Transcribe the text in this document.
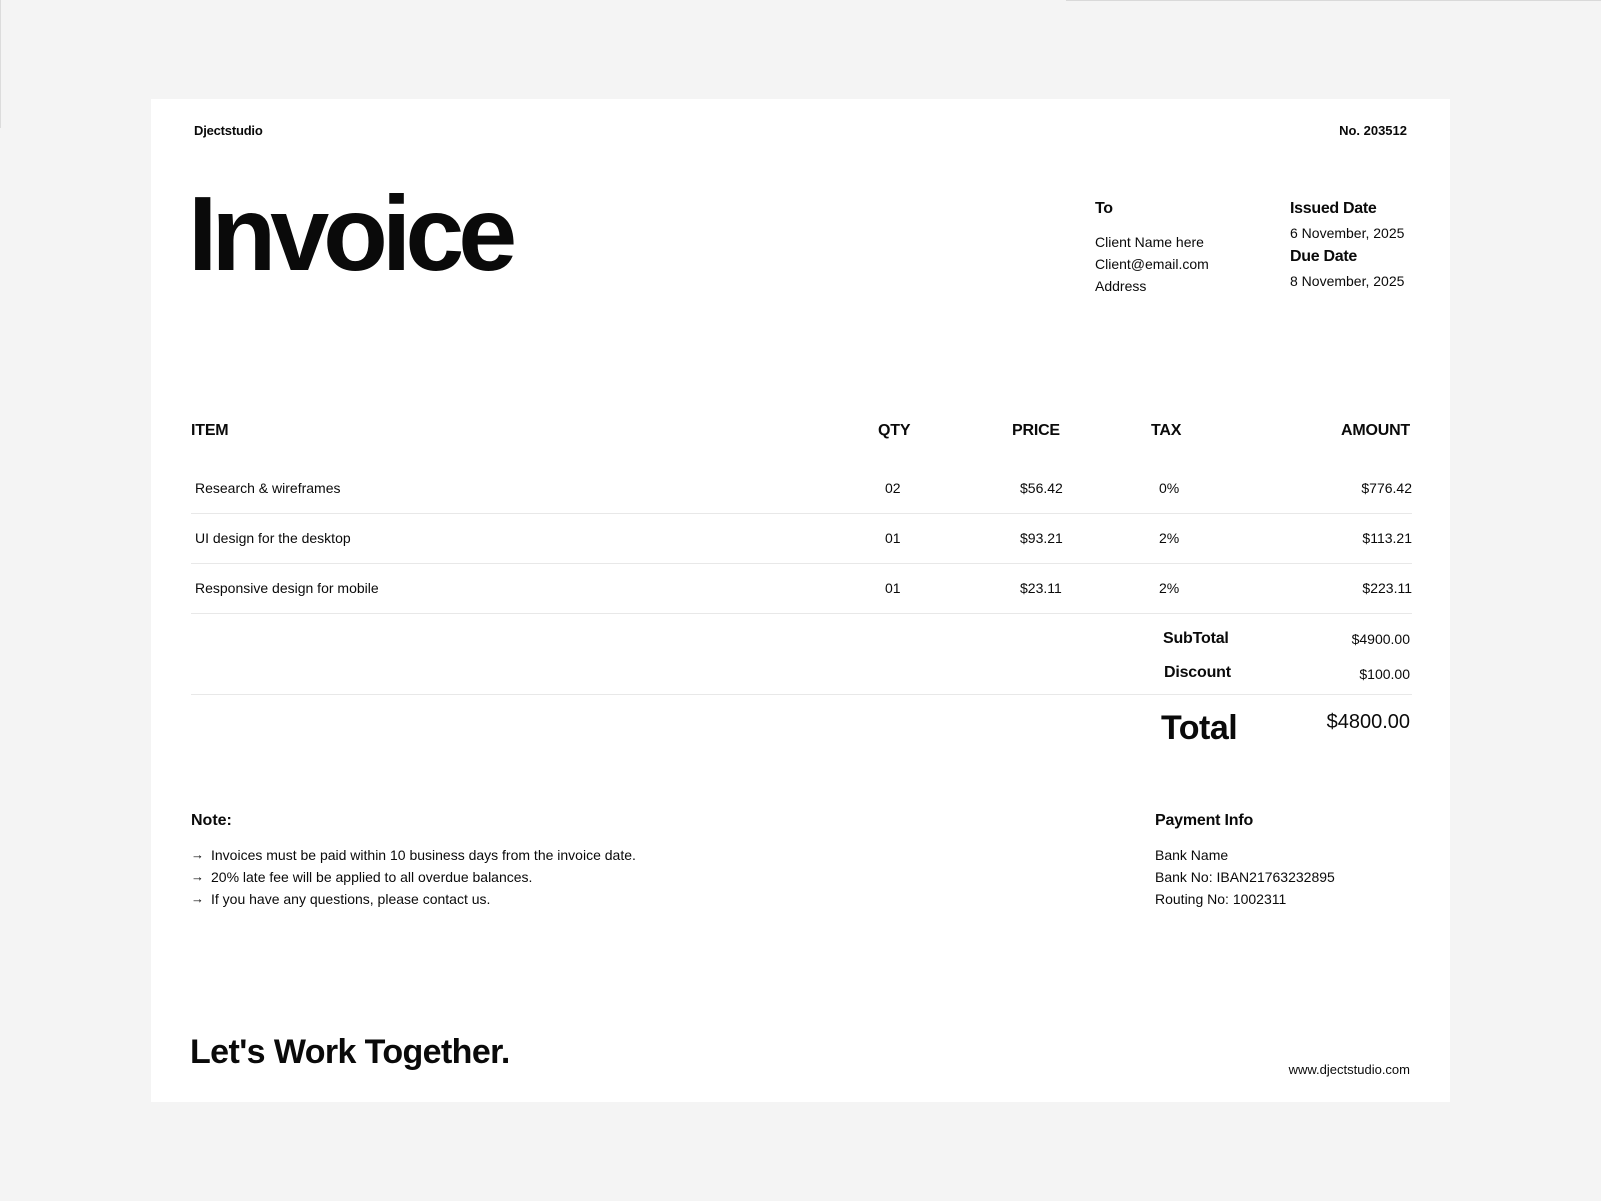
Djectstudio	No. 203512
Invoice	To
Client Name here
Client@email.com
Address
Issued Date
6 November, 2025
Due Date
8 November, 2025
ITEM	QTY	PRICE	TAX	AMOUNT
Research & wireframes	02	$56.42	0%	$776.42
UI design for the desktop	01	$93.21	2%	$113.21
Responsive design for mobile	01	$23.11	2%	$223.11
SubTotal	$4900.00
Discount	$100.00
Total	$4800.00
Note:
→ Invoices must be paid within 10 business days from the invoice date.
→ 20% late fee will be applied to all overdue balances.
→ If you have any questions, please contact us.
Payment Info
Bank Name
Bank No: IBAN21763232895
Routing No: 1002311
Let's Work Together.	www.djectstudio.com
